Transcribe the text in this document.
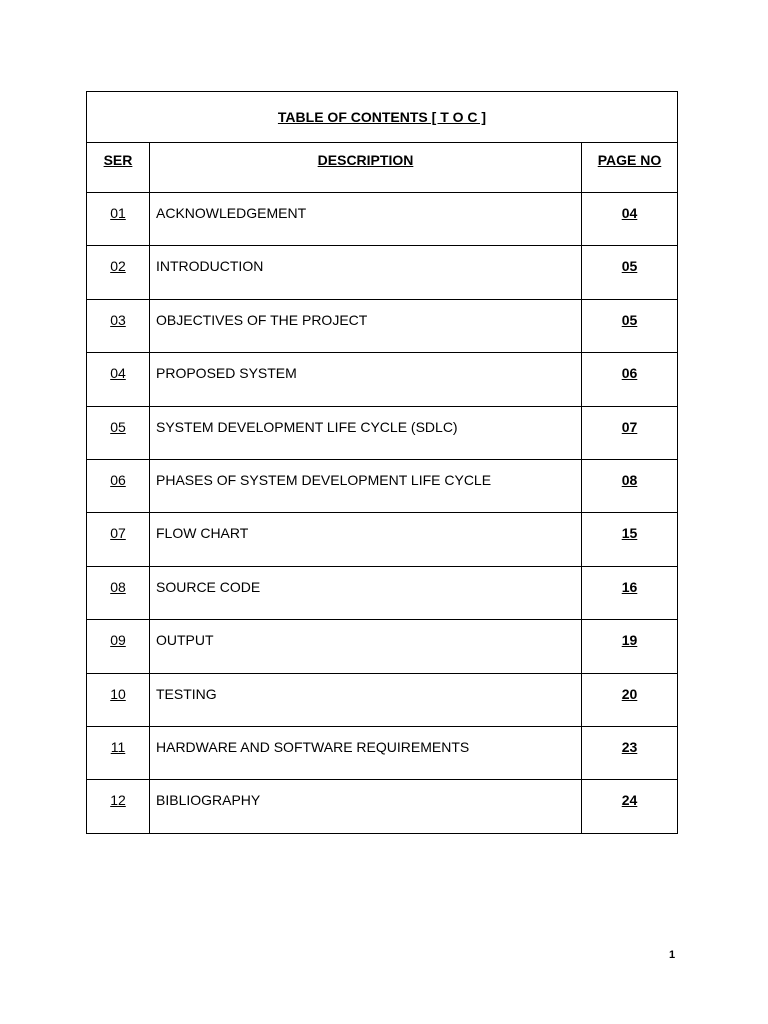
TABLE OF CONTENTS [ T O C ]		
SER	DESCRIPTION	PAGE NO
01	ACKNOWLEDGEMENT	04
02	INTRODUCTION	05
03	OBJECTIVES OF THE PROJECT	05
04	PROPOSED SYSTEM	06
05	SYSTEM DEVELOPMENT LIFE CYCLE (SDLC)	07
06	PHASES OF SYSTEM DEVELOPMENT LIFE CYCLE	08
07	FLOW CHART	15
08	SOURCE CODE	16
09	OUTPUT	19
10	TESTING	20
11	HARDWARE AND SOFTWARE REQUIREMENTS	23
12	BIBLIOGRAPHY	24
1
